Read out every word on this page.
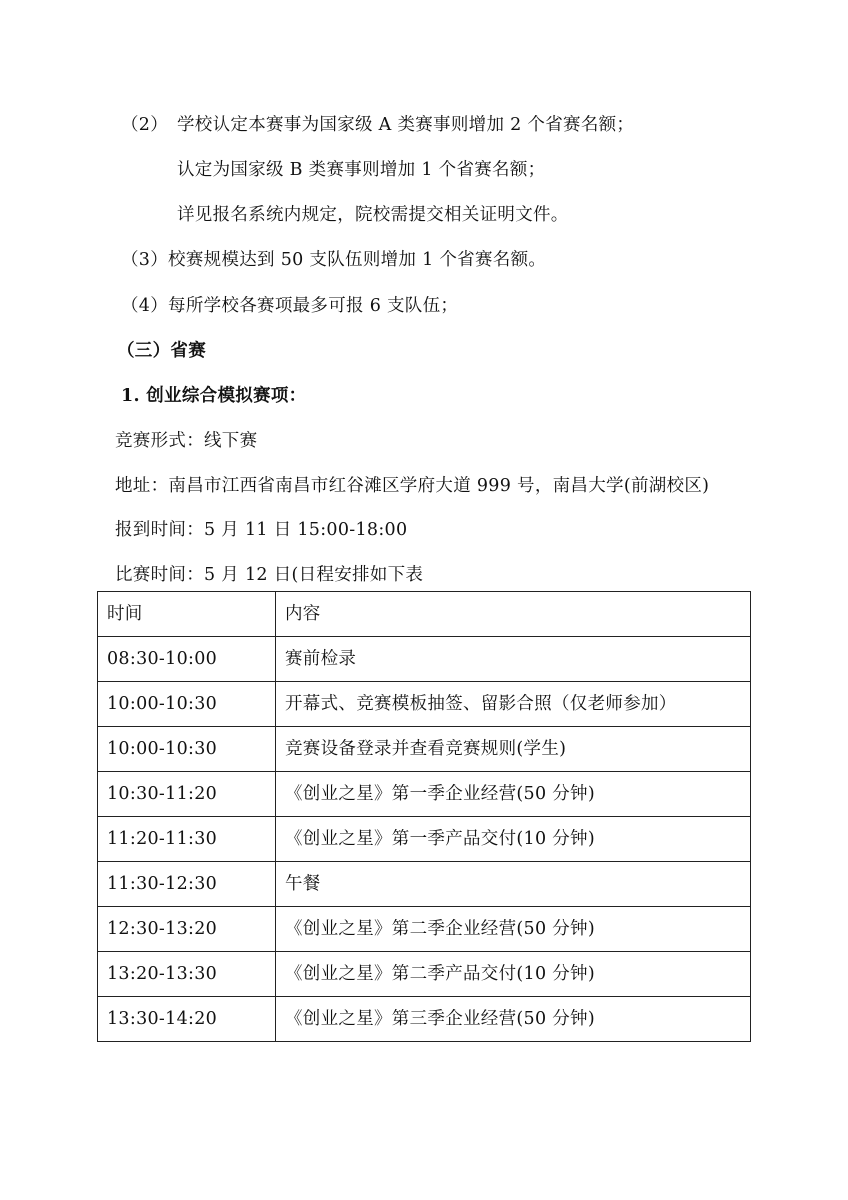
（2） 学校认定本赛事为国家级 A 类赛事则增加 2 个省赛名额；
认定为国家级 B 类赛事则增加 1 个省赛名额；
详见报名系统内规定，院校需提交相关证明文件。
（3）校赛规模达到 50 支队伍则增加 1 个省赛名额。
（4）每所学校各赛项最多可报 6 支队伍；
（三）省赛
1. 创业综合模拟赛项：
竞赛形式：线下赛
地址：南昌市江西省南昌市红谷滩区学府大道 999 号，南昌大学(前湖校区)
报到时间：5 月 11 日 15:00-18:00
比赛时间：5 月 12 日(日程安排如下表
时间	内容
08:30-10:00	赛前检录
10:00-10:30	开幕式、竞赛模板抽签、留影合照（仅老师参加）
10:00-10:30	竞赛设备登录并查看竞赛规则(学生)
10:30-11:20	《创业之星》第一季企业经营(50 分钟)
11:20-11:30	《创业之星》第一季产品交付(10 分钟)
11:30-12:30	午餐
12:30-13:20	《创业之星》第二季企业经营(50 分钟)
13:20-13:30	《创业之星》第二季产品交付(10 分钟)
13:30-14:20	《创业之星》第三季企业经营(50 分钟)
